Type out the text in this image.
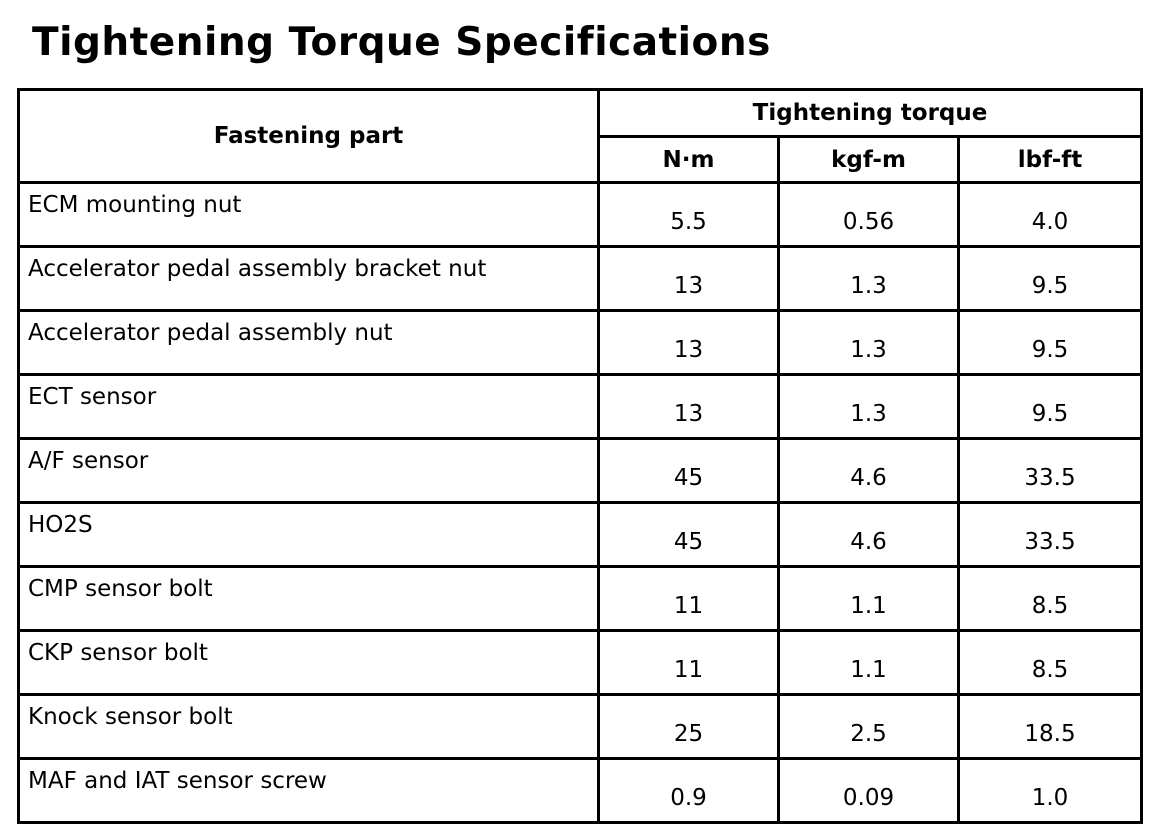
Tightening Torque Specifications
Fastening part	Tightening torque		
	N·m	kgf-m	lbf-ft
ECM mounting nut	5.5	0.56	4.0
Accelerator pedal assembly bracket nut	13	1.3	9.5
Accelerator pedal assembly nut	13	1.3	9.5
ECT sensor	13	1.3	9.5
A/F sensor	45	4.6	33.5
HO2S	45	4.6	33.5
CMP sensor bolt	11	1.1	8.5
CKP sensor bolt	11	1.1	8.5
Knock sensor bolt	25	2.5	18.5
MAF and IAT sensor screw	0.9	0.09	1.0
